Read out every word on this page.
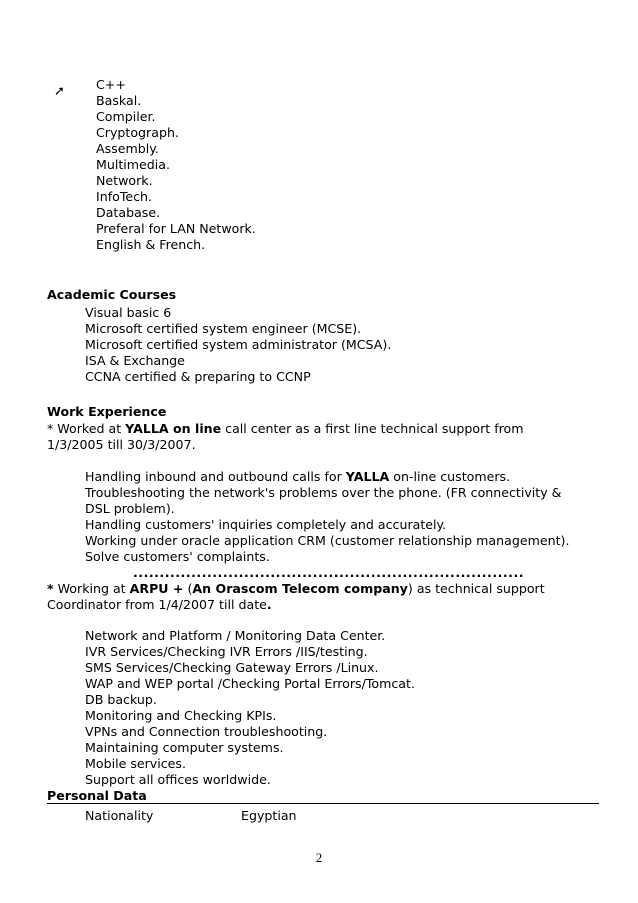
➚	C++
Baskal.
Compiler.
Cryptograph.
Assembly.
Multimedia.
Network.
InfoTech.
Database.
Preferal for LAN Network.
English & French.
Academic Courses
Visual basic 6
Microsoft certified system engineer (MCSE).
Microsoft certified system administrator (MCSA).
ISA & Exchange
CCNA certified & preparing to CCNP
Work Experience
* Worked at YALLA on line call center as a first line technical support from
1/3/2005 till 30/3/2007.
Handling inbound and outbound calls for YALLA on-line customers.
Troubleshooting the network's problems over the phone. (FR connectivity &
DSL problem).
Handling customers' inquiries completely and accurately.
Working under oracle application CRM (customer relationship management).
Solve customers' complaints.
..........................................................................
* Working at ARPU + (An Orascom Telecom company) as technical support
Coordinator from 1/4/2007 till date.
Network and Platform / Monitoring Data Center.
IVR Services/Checking IVR Errors /IIS/testing.
SMS Services/Checking Gateway Errors /Linux.
WAP and WEP portal /Checking Portal Errors/Tomcat.
DB backup.
Monitoring and Checking KPIs.
VPNs and Connection troubleshooting.
Maintaining computer systems.
Mobile services.
Support all offices worldwide.
Personal Data
Nationality	Egyptian
2
